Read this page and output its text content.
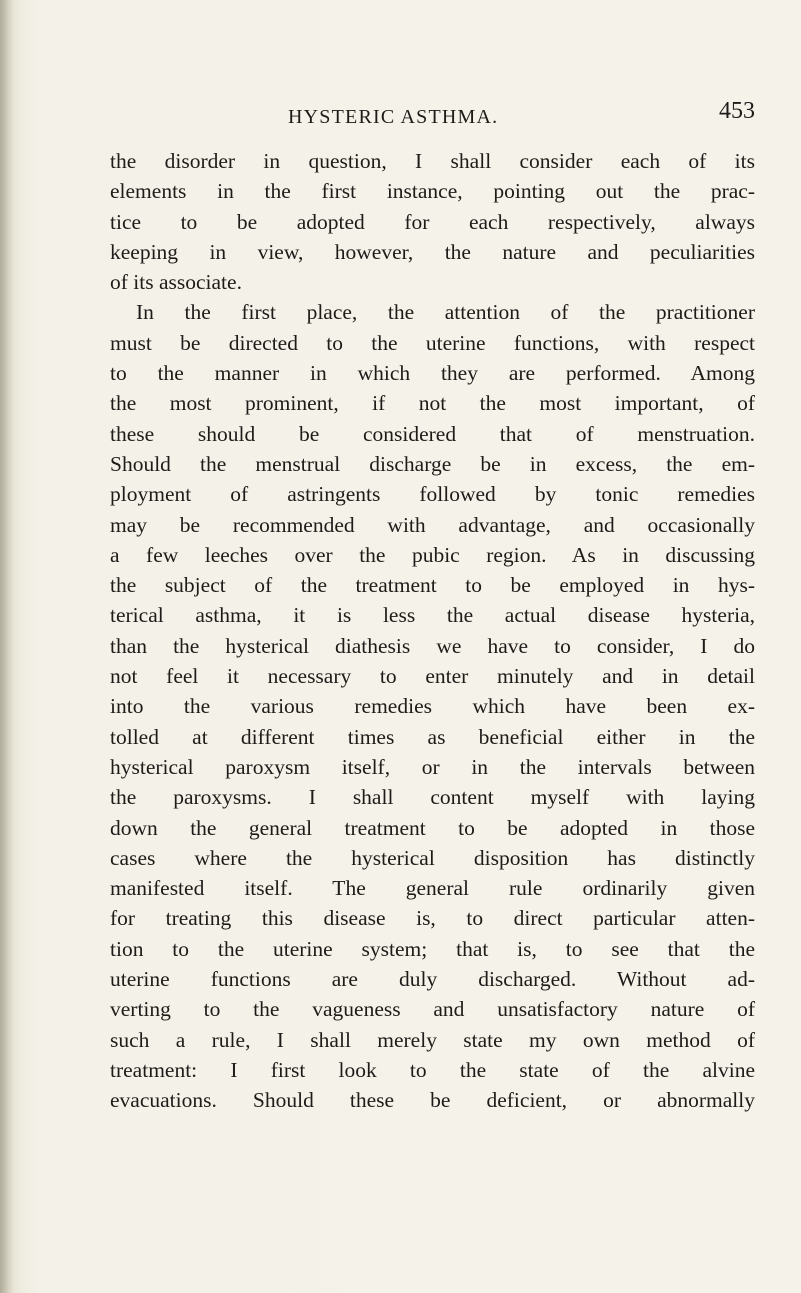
HYSTERIC ASTHMA.	453
the disorder in question, I shall consider each of its
elements in the first instance, pointing out the prac-
tice to be adopted for each respectively, always
keeping in view, however, the nature and peculiarities
of its associate.
In the first place, the attention of the practitioner
must be directed to the uterine functions, with respect
to the manner in which they are performed. Among
the most prominent, if not the most important, of
these should be considered that of menstruation.
Should the menstrual discharge be in excess, the em-
ployment of astringents followed by tonic remedies
may be recommended with advantage, and occasionally
a few leeches over the pubic region. As in discussing
the subject of the treatment to be employed in hys-
terical asthma, it is less the actual disease hysteria,
than the hysterical diathesis we have to consider, I do
not feel it necessary to enter minutely and in detail
into the various remedies which have been ex-
tolled at different times as beneficial either in the
hysterical paroxysm itself, or in the intervals between
the paroxysms. I shall content myself with laying
down the general treatment to be adopted in those
cases where the hysterical disposition has distinctly
manifested itself. The general rule ordinarily given
for treating this disease is, to direct particular atten-
tion to the uterine system; that is, to see that the
uterine functions are duly discharged. Without ad-
verting to the vagueness and unsatisfactory nature of
such a rule, I shall merely state my own method of
treatment: I first look to the state of the alvine
evacuations. Should these be deficient, or abnormally
